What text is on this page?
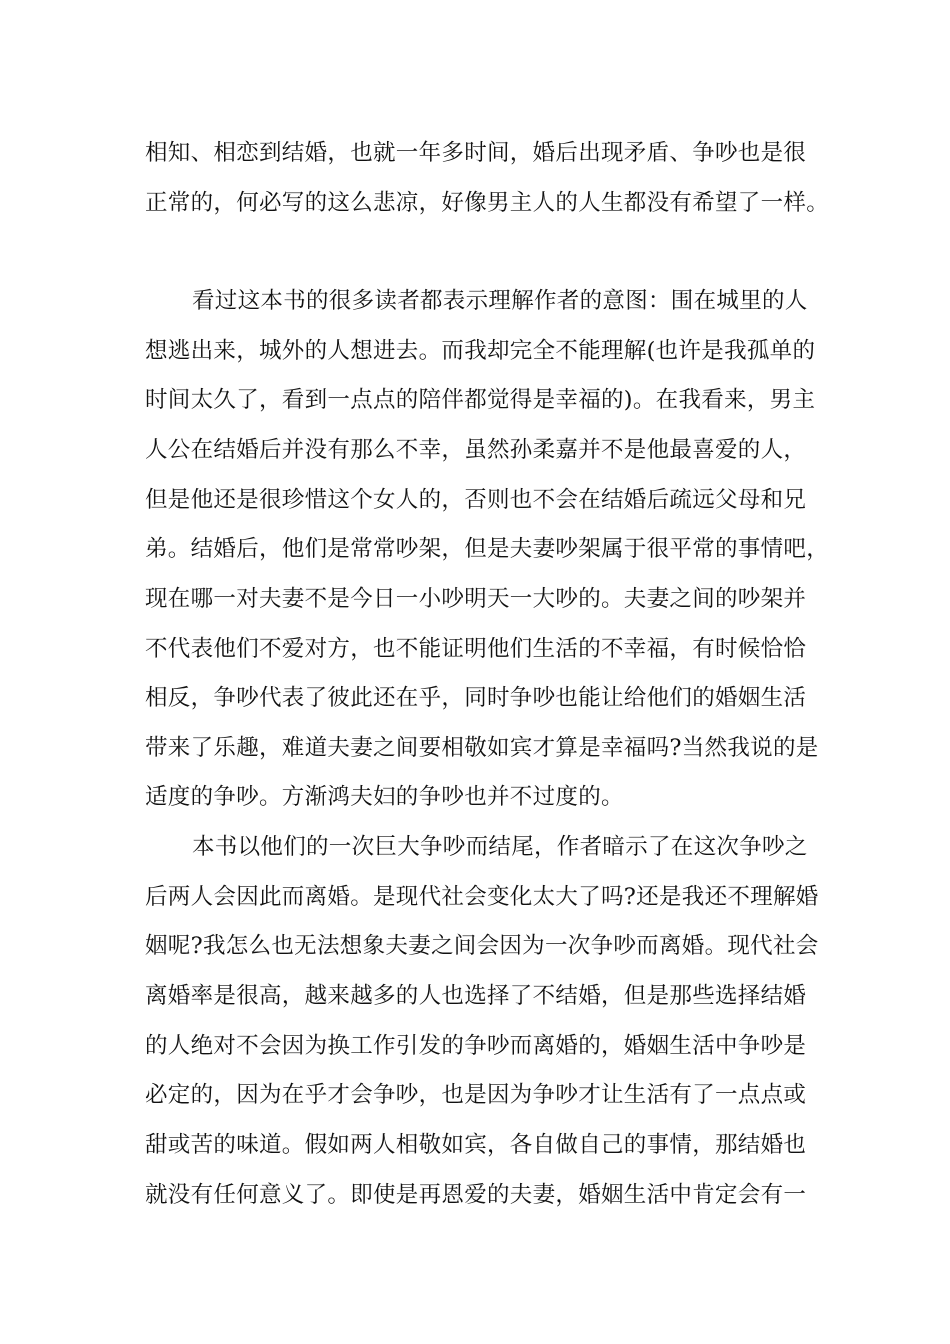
相知、相恋到结婚，也就一年多时间，婚后出现矛盾、争吵也是很

正常的，何必写的这么悲凉，好像男主人的人生都没有希望了一样。

看过这本书的很多读者都表示理解作者的意图：围在城里的人

想逃出来，城外的人想进去。而我却完全不能理解(也许是我孤单的

时间太久了，看到一点点的陪伴都觉得是幸福的)。在我看来，男主

人公在结婚后并没有那么不幸，虽然孙柔嘉并不是他最喜爱的人，

但是他还是很珍惜这个女人的，否则也不会在结婚后疏远父母和兄

弟。结婚后，他们是常常吵架，但是夫妻吵架属于很平常的事情吧，

现在哪一对夫妻不是今日一小吵明天一大吵的。夫妻之间的吵架并

不代表他们不爱对方，也不能证明他们生活的不幸福，有时候恰恰

相反，争吵代表了彼此还在乎，同时争吵也能让给他们的婚姻生活

带来了乐趣，难道夫妻之间要相敬如宾才算是幸福吗?当然我说的是

适度的争吵。方渐鸿夫妇的争吵也并不过度的。

本书以他们的一次巨大争吵而结尾，作者暗示了在这次争吵之

后两人会因此而离婚。是现代社会变化太大了吗?还是我还不理解婚

姻呢?我怎么也无法想象夫妻之间会因为一次争吵而离婚。现代社会

离婚率是很高，越来越多的人也选择了不结婚，但是那些选择结婚

的人绝对不会因为换工作引发的争吵而离婚的，婚姻生活中争吵是

必定的，因为在乎才会争吵，也是因为争吵才让生活有了一点点或

甜或苦的味道。假如两人相敬如宾，各自做自己的事情，那结婚也

就没有任何意义了。即使是再恩爱的夫妻，婚姻生活中肯定会有一
